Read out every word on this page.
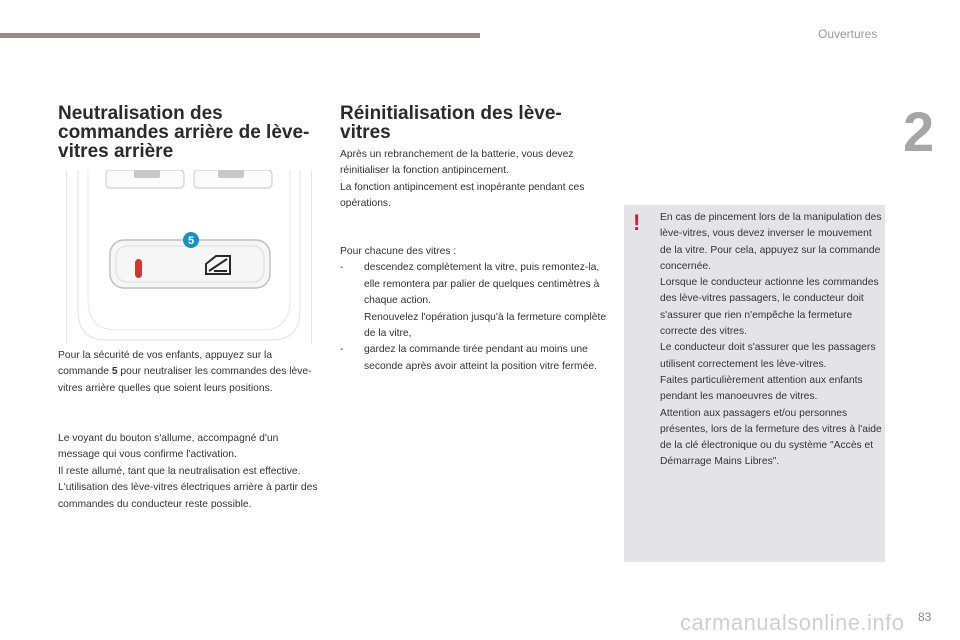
Ouvertures
2
Neutralisation des commandes arrière de lève-vitres arrière
5

Pour la sécurité de vos enfants, appuyez sur la commande 5 pour neutraliser les commandes des lève-vitres arrière quelles que soient leurs positions.

Le voyant du bouton s'allume, accompagné d'un message qui vous confirme l'activation.

Il reste allumé, tant que la neutralisation est effective.

L'utilisation des lève-vitres électriques arrière à partir des commandes du conducteur reste possible.

Réinitialisation des lève-vitres

Après un rebranchement de la batterie, vous devez réinitialiser la fonction antipincement.

La fonction antipincement est inopérante pendant ces opérations.

Pour chacune des vitres :

- descendez complètement la vitre, puis remontez-la, elle remontera par palier de quelques centimètres à chaque action.

Renouvelez l'opération jusqu'à la fermeture complète de la vitre,

- gardez la commande tirée pendant au moins une seconde après avoir atteint la position vitre fermée.

! En cas de pincement lors de la manipulation des lève-vitres, vous devez inverser le mouvement de la vitre. Pour cela, appuyez sur la commande concernée.

Lorsque le conducteur actionne les commandes des lève-vitres passagers, le conducteur doit s'assurer que rien n'empêche la fermeture correcte des vitres.

Le conducteur doit s'assurer que les passagers utilisent correctement les lève-vitres.

Faites particulièrement attention aux enfants pendant les manoeuvres de vitres.

Attention aux passagers et/ou personnes présentes, lors de la fermeture des vitres à l'aide de la clé électronique ou du système "Accès et Démarrage Mains Libres".

carmanualsonline.info 83
